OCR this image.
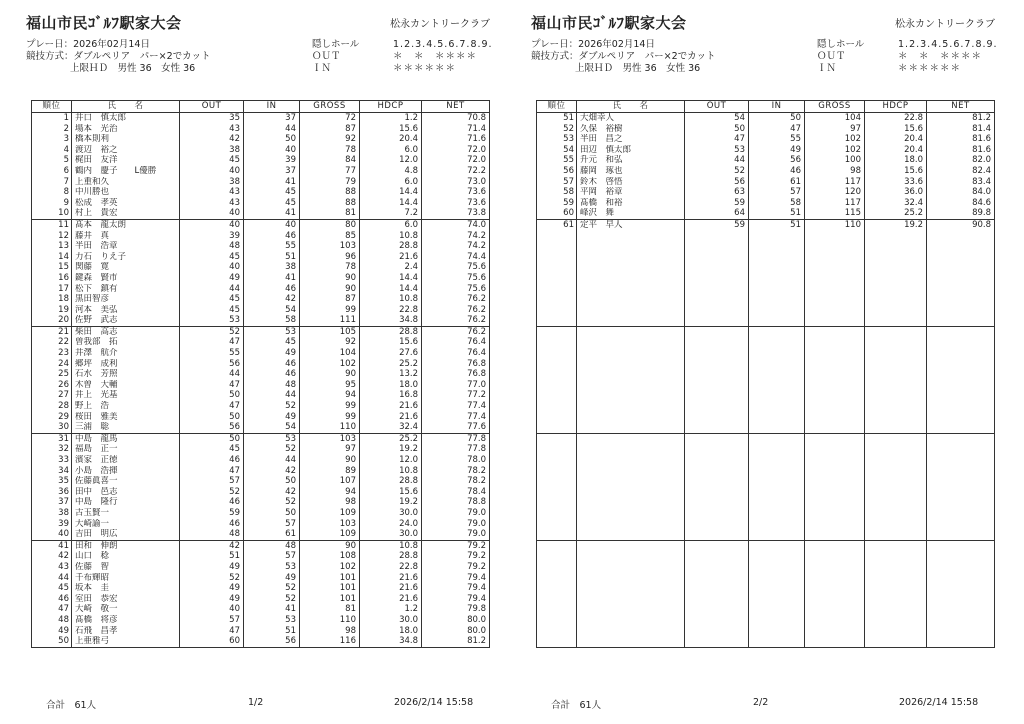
福山市民ｺﾞﾙﾌ駅家大会	松永カントリークラブ
プレー日：2026年02月14日
競技方式：ダブルペリア　パー×2でカット
上限ＨＤ　男性 36　女性 36
隠しホール
ＯＵＴ
ＩＮ
1.2.3.4.5.6.7.8.9.
＊　＊　＊＊＊＊
＊＊＊＊＊＊
順位	氏　　名	OUT	IN	GROSS	HDCP	NET
1	井口　慎太郎	35	37	72	1.2	70.8
2	場本　光治	43	44	87	15.6	71.4
3	橋本則利	42	50	92	20.4	71.6
4	渡辺　裕之	38	40	78	6.0	72.0
5	梶田　友洋	45	39	84	12.0	72.0
6	鶴内　慶子　　L優勝	40	37	77	4.8	72.2
7	上重和久	38	41	79	6.0	73.0
8	中川勝也	43	45	88	14.4	73.6
9	松成　孝英	43	45	88	14.4	73.6
10	村上　貴宏	40	41	81	7.2	73.8
11	髙本　龍太朗	40	40	80	6.0	74.0
12	藤井　真	39	46	85	10.8	74.2
13	半田　浩章	48	55	103	28.8	74.2
14	力石　りえ子	45	51	96	21.6	74.4
15	関藤　寛	40	38	78	2.4	75.6
16	鍵森　賢市	49	41	90	14.4	75.6
17	松下　鎮有	44	46	90	14.4	75.6
18	黒田智彦	45	42	87	10.8	76.2
19	河本　美弘	45	54	99	22.8	76.2
20	佐野　武志	53	58	111	34.8	76.2
21	柴田　高志	52	53	105	28.8	76.2
22	曽我部　拓	47	45	92	15.6	76.4
23	井澤　航介	55	49	104	27.6	76.4
24	郷坪　成利	56	46	102	25.2	76.8
25	石水　芳照	44	46	90	13.2	76.8
26	木曽　大輔	47	48	95	18.0	77.0
27	井上　光基	50	44	94	16.8	77.2
28	野上　浩	47	52	99	21.6	77.4
29	桜田　雅美	50	49	99	21.6	77.4
30	三浦　聡	56	54	110	32.4	77.6
31	中島　龍馬	50	53	103	25.2	77.8
32	福島　正一	45	52	97	19.2	77.8
33	濱家　正徳	46	44	90	12.0	78.0
34	小島　浩揮	47	42	89	10.8	78.2
35	佐藤眞喜一	57	50	107	28.8	78.2
36	田中　邑志	52	42	94	15.6	78.4
37	中島　隆行	46	52	98	19.2	78.8
38	古玉賢一	59	50	109	30.0	79.0
39	大崎諭一	46	57	103	24.0	79.0
40	吉田　明広	48	61	109	30.0	79.0
41	田和　伸朗	42	48	90	10.8	79.2
42	山口　稔	51	57	108	28.8	79.2
43	佐藤　智	49	53	102	22.8	79.2
44	千布輝昭	52	49	101	21.6	79.4
45	坂本　圭	49	52	101	21.6	79.4
46	室田　恭宏	49	52	101	21.6	79.4
47	大崎　敬一	40	41	81	1.2	79.8
48	髙橋　将彦	57	53	110	30.0	80.0
49	石飛　昌孝	47	51	98	18.0	80.0
50	上亜雅弓	60	56	116	34.8	81.2
合計　61人	1/2	2026/2/14 15:58
福山市民ｺﾞﾙﾌ駅家大会	松永カントリークラブ
プレー日：2026年02月14日
競技方式：ダブルペリア　パー×2でカット
上限ＨＤ　男性 36　女性 36
隠しホール
ＯＵＴ
ＩＮ
1.2.3.4.5.6.7.8.9.
＊　＊　＊＊＊＊
＊＊＊＊＊＊
順位	氏　　名	OUT	IN	GROSS	HDCP	NET
51	大畑幸人	54	50	104	22.8	81.2
52	久保　裕樹	50	47	97	15.6	81.4
53	半田　昌之	47	55	102	20.4	81.6
54	田辺　慎太郎	53	49	102	20.4	81.6
55	升元　和弘	44	56	100	18.0	82.0
56	藤岡　琢也	52	46	98	15.6	82.4
57	鈴木　啓悟	56	61	117	33.6	83.4
58	平岡　裕章	63	57	120	36.0	84.0
59	髙橋　和裕	59	58	117	32.4	84.6
60	峰沢　舞	64	51	115	25.2	89.8
61	定平　早人	59	51	110	19.2	90.8

合計　61人	2/2	2026/2/14 15:58
